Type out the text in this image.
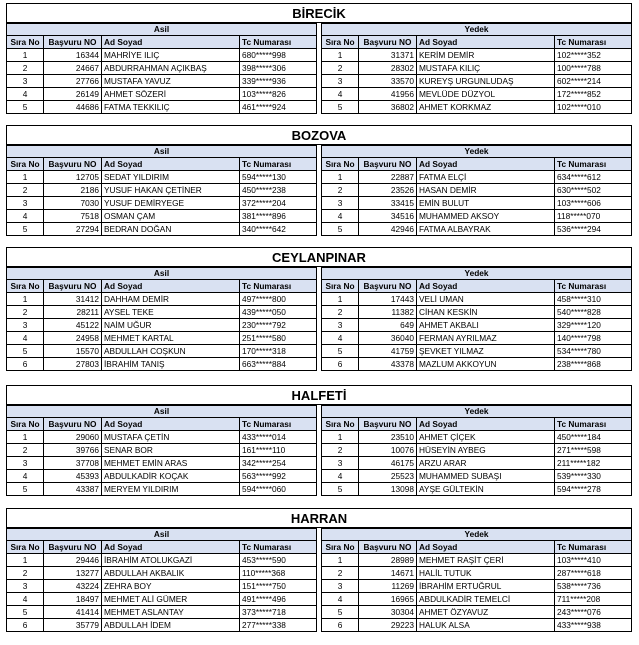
BİRECİK
Asil			
Sıra No	Başvuru NO	Ad Soyad	Tc Numarası
1	16344	MAHRİYE ILIÇ	680*****998
2	24667	ABDURRAHMAN AÇIKBAŞ	398*****306
3	27766	MUSTAFA YAVUZ	339*****936
4	26149	AHMET SÖZERİ	103*****826
5	44686	FATMA TEKKILIÇ	461*****924
Yedek			
Sıra No	Başvuru NO	Ad Soyad	Tc Numarası
1	31371	KERİM DEMİR	102*****352
2	28302	MUSTAFA KILIÇ	100*****788
3	33570	KUREYŞ URGUNLUDAŞ	602*****214
4	41956	MEVLÜDE DÜZYOL	172*****852
5	36802	AHMET KORKMAZ	102*****010
BOZOVA
Asil			
Sıra No	Başvuru NO	Ad Soyad	Tc Numarası
1	12705	SEDAT YILDIRIM	594*****130
2	2186	YUSUF HAKAN ÇETİNER	450*****238
3	7030	YUSUF DEMİRYEGE	372*****204
4	7518	OSMAN ÇAM	381*****896
5	27294	BEDRAN DOĞAN	340*****642
Yedek			
Sıra No	Başvuru NO	Ad Soyad	Tc Numarası
1	22887	FATMA ELÇİ	634*****612
2	23526	HASAN DEMİR	630*****502
3	33415	EMİN BULUT	103*****606
4	34516	MUHAMMED AKSOY	118*****070
5	42946	FATMA ALBAYRAK	536*****294
CEYLANPINAR
Asil			
Sıra No	Başvuru NO	Ad Soyad	Tc Numarası
1	31412	DAHHAM DEMİR	497*****800
2	28211	AYSEL TEKE	439*****050
3	45122	NAİM UĞUR	230*****792
4	24958	MEHMET KARTAL	251*****580
5	15570	ABDULLAH COŞKUN	170*****318
6	27803	İBRAHİM TANIŞ	663*****884
Yedek			
Sıra No	Başvuru NO	Ad Soyad	Tc Numarası
1	17443	VELİ UMAN	458*****310
2	11382	CİHAN KESKİN	540*****828
3	649	AHMET AKBALI	329*****120
4	36040	FERMAN AYRILMAZ	140*****798
5	41759	ŞEVKET YILMAZ	534*****780
6	43378	MAZLUM AKKOYUN	238*****868
HALFETİ
Asil			
Sıra No	Başvuru NO	Ad Soyad	Tc Numarası
1	29060	MUSTAFA ÇETİN	433*****014
2	39766	SENAR BOR	161*****110
3	37708	MEHMET EMİN ARAS	342*****254
4	45393	ABDULKADİR KOÇAK	563*****992
5	43387	MERYEM YILDIRIM	594*****060
Yedek			
Sıra No	Başvuru NO	Ad Soyad	Tc Numarası
1	23510	AHMET ÇİÇEK	450*****184
2	10076	HÜSEYİN AYBEG	271*****598
3	46175	ARZU ARAR	211*****182
4	25523	MUHAMMED SUBAŞI	539*****330
5	13098	AYŞE GÜLTEKİN	594*****278
HARRAN
Asil			
Sıra No	Başvuru NO	Ad Soyad	Tc Numarası
1	29446	İBRAHİM ATOLUKGAZİ	453*****590
2	13277	ABDULLAH AKBALIK	110*****368
3	43224	ZEHRA BOY	151*****750
4	18497	MEHMET ALİ GÜMER	491*****496
5	41414	MEHMET ASLANTAY	373*****718
6	35779	ABDULLAH İDEM	277*****338
Yedek			
Sıra No	Başvuru NO	Ad Soyad	Tc Numarası
1	28989	MEHMET RAŞİT ÇERİ	103*****410
2	14671	HALİL TUTUK	287*****618
3	11269	İBRAHİM ERTUĞRUL	538*****736
4	16965	ABDULKADİR TEMELCİ	711*****208
5	30304	AHMET ÖZYAVUZ	243*****076
6	29223	HALUK ALSA	433*****938
